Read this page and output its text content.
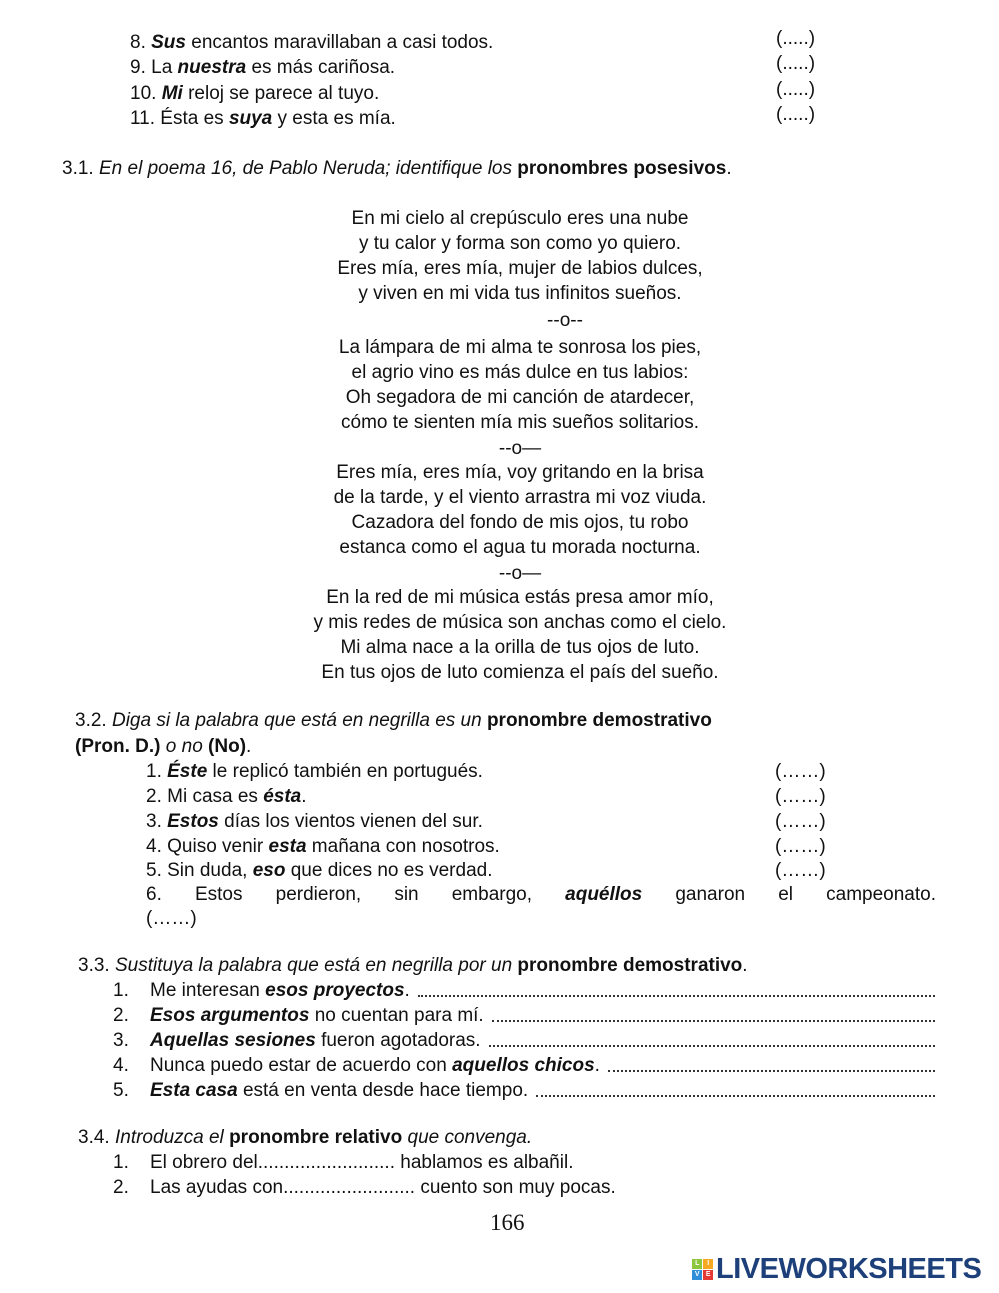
166
L	I
V E LIVEWORKSHEETS
8. Sus encantos maravillaban a casi todos.	(.....)
9. La nuestra es más cariñosa.	(.....)
10. Mi reloj se parece al tuyo.	(.....)
11. Ésta es suya y esta es mía.	(.....)
3.1. En el poema 16, de Pablo Neruda; identifique los pronombres posesivos.
En mi cielo al crepúsculo eres una nube
y tu calor y forma son como yo quiero.
Eres mía, eres mía, mujer de labios dulces,
y viven en mi vida tus infinitos sueños.
--o--
La lámpara de mi alma te sonrosa los pies,
el agrio vino es más dulce en tus labios:
Oh segadora de mi canción de atardecer,
cómo te sienten mía mis sueños solitarios.
--o—
Eres mía, eres mía, voy gritando en la brisa
de la tarde, y el viento arrastra mi voz viuda.
Cazadora del fondo de mis ojos, tu robo
estanca como el agua tu morada nocturna.
--o—
En la red de mi música estás presa amor mío,
y mis redes de música son anchas como el cielo.
Mi alma nace a la orilla de tus ojos de luto.
En tus ojos de luto comienza el país del sueño.
3.2. Diga si la palabra que está en negrilla es un pronombre demostrativo
(Pron. D.) o no (No).
1. Éste le replicó también en portugués.	(……)
2. Mi casa es ésta.	(……)
3. Estos días los vientos vienen del sur.	(……)
4. Quiso venir esta mañana con nosotros.	(……)
5. Sin duda, eso que dices no es verdad.	(……)
6. Estos perdieron, sin embargo, aquéllos ganaron el campeonato.
(……)
3.3. Sustituya la palabra que está en negrilla por un pronombre demostrativo.
1. Me interesan esos proyectos.
2. Esos argumentos no cuentan para mí.
3. Aquellas sesiones fueron agotadoras.
4. Nunca puedo estar de acuerdo con aquellos chicos.
5. Esta casa está en venta desde hace tiempo.
3.4. Introduzca el pronombre relativo que convenga.
1. El obrero del.......................... hablamos es albañil.
2. Las ayudas con......................... cuento son muy pocas.
